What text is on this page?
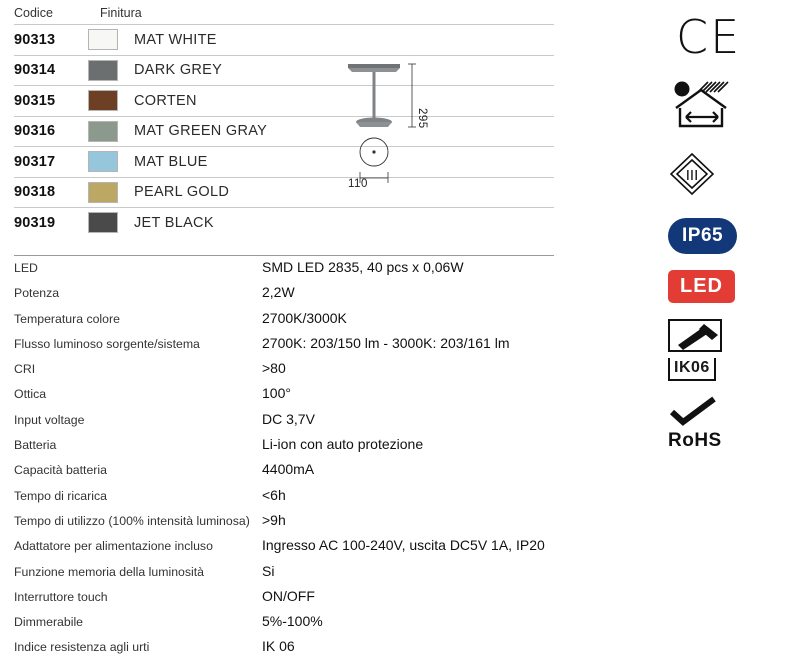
Codice	Finitura
90313	MAT WHITE
90314	DARK GREY
90315	CORTEN
90316	MAT GREEN GRAY
90317	MAT BLUE
90318	PEARL GOLD
90319	JET BLACK
295
110
LED	SMD LED 2835, 40 pcs x 0,06W
Potenza	2,2W
Temperatura colore	2700K/3000K
Flusso luminoso sorgente/sistema	2700K: 203/150 lm - 3000K: 203/161 lm
CRI	>80
Ottica	100°
Input voltage	DC 3,7V
Batteria	Li-ion con auto protezione
Capacità batteria	4400mA
Tempo di ricarica	<6h
Tempo di utilizzo (100% intensità luminosa) >9h
Adattatore per alimentazione incluso	Ingresso AC 100-240V, uscita DC5V 1A, IP20
Funzione memoria della luminosità	Si
Interruttore touch	ON/OFF
Dimmerabile	5%-100%
Indice resistenza agli urti	IK 06
CE
III
IP65
LED
IK06
RoHS
